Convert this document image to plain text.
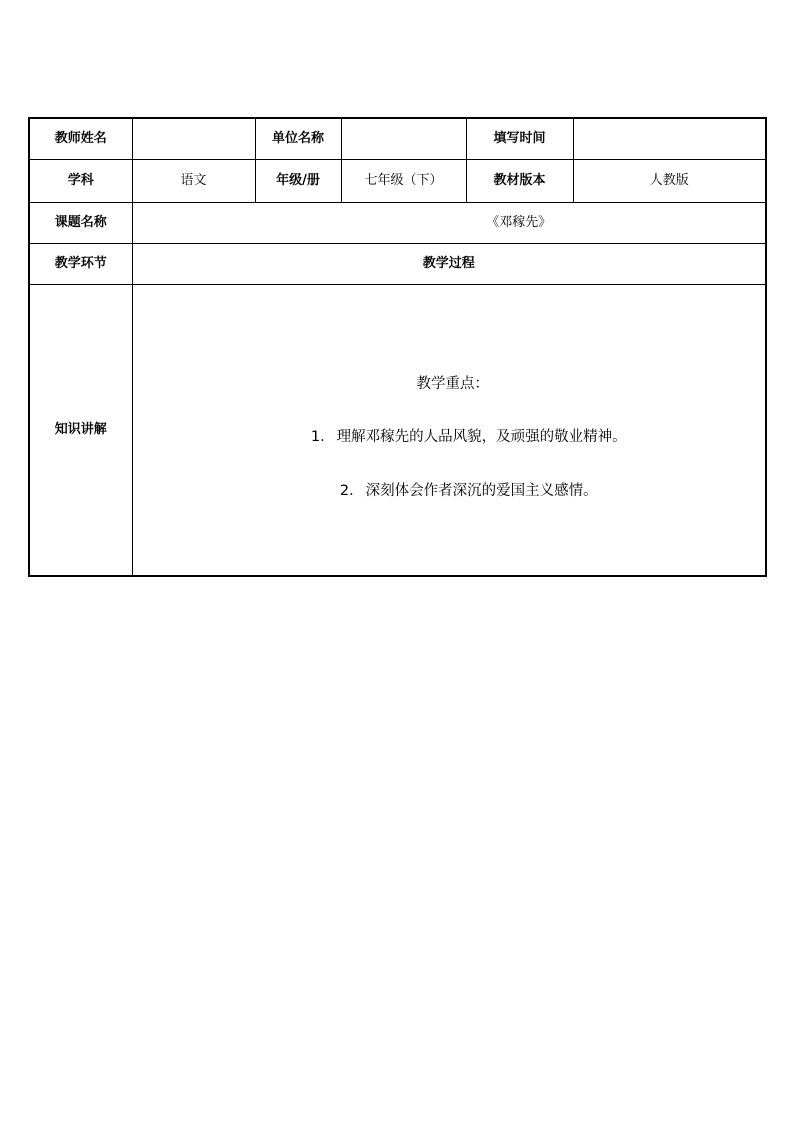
教师姓名		单位名称		填写时间	
学科	语文	年级/册	七年级（下）	教材版本	人教版
课题名称	《邓稼先》				
教学环节	教学过程				
知识讲解	教学重点：
1． 理解邓稼先的人品风貌，及顽强的敬业精神。
2． 深刻体会作者深沉的爱国主义感情。				
